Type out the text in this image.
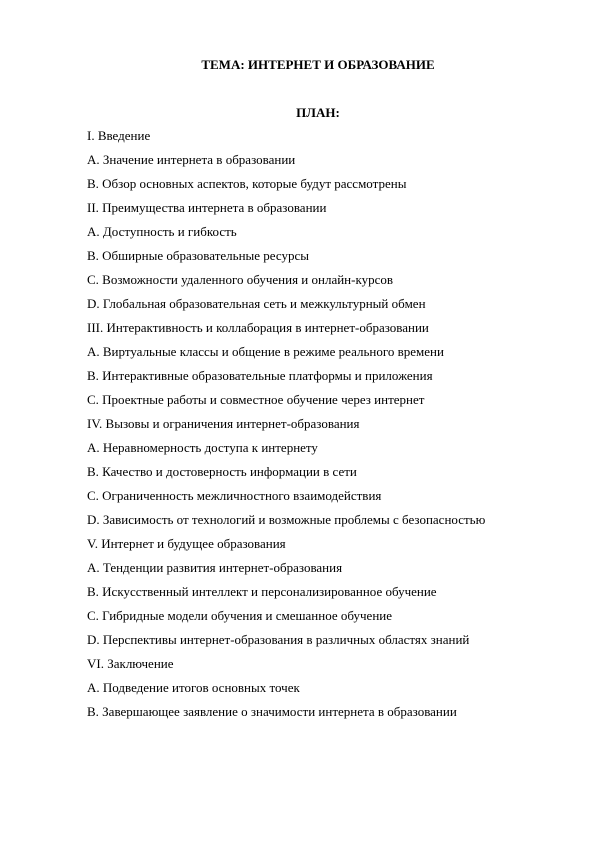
ТЕМА: ИНТЕРНЕТ И ОБРАЗОВАНИЕ
ПЛАН:
I. Введение
A. Значение интернета в образовании
B. Обзор основных аспектов, которые будут рассмотрены
II. Преимущества интернета в образовании
A. Доступность и гибкость
B. Обширные образовательные ресурсы
C. Возможности удаленного обучения и онлайн-курсов
D. Глобальная образовательная сеть и межкультурный обмен
III. Интерактивность и коллаборация в интернет-образовании
A. Виртуальные классы и общение в режиме реального времени
B. Интерактивные образовательные платформы и приложения
C. Проектные работы и совместное обучение через интернет
IV. Вызовы и ограничения интернет-образования
A. Неравномерность доступа к интернету
B. Качество и достоверность информации в сети
C. Ограниченность межличностного взаимодействия
D. Зависимость от технологий и возможные проблемы с безопасностью
V. Интернет и будущее образования
A. Тенденции развития интернет-образования
B. Искусственный интеллект и персонализированное обучение
C. Гибридные модели обучения и смешанное обучение
D. Перспективы интернет-образования в различных областях знаний
VI. Заключение
A. Подведение итогов основных точек
B. Завершающее заявление о значимости интернета в образовании
